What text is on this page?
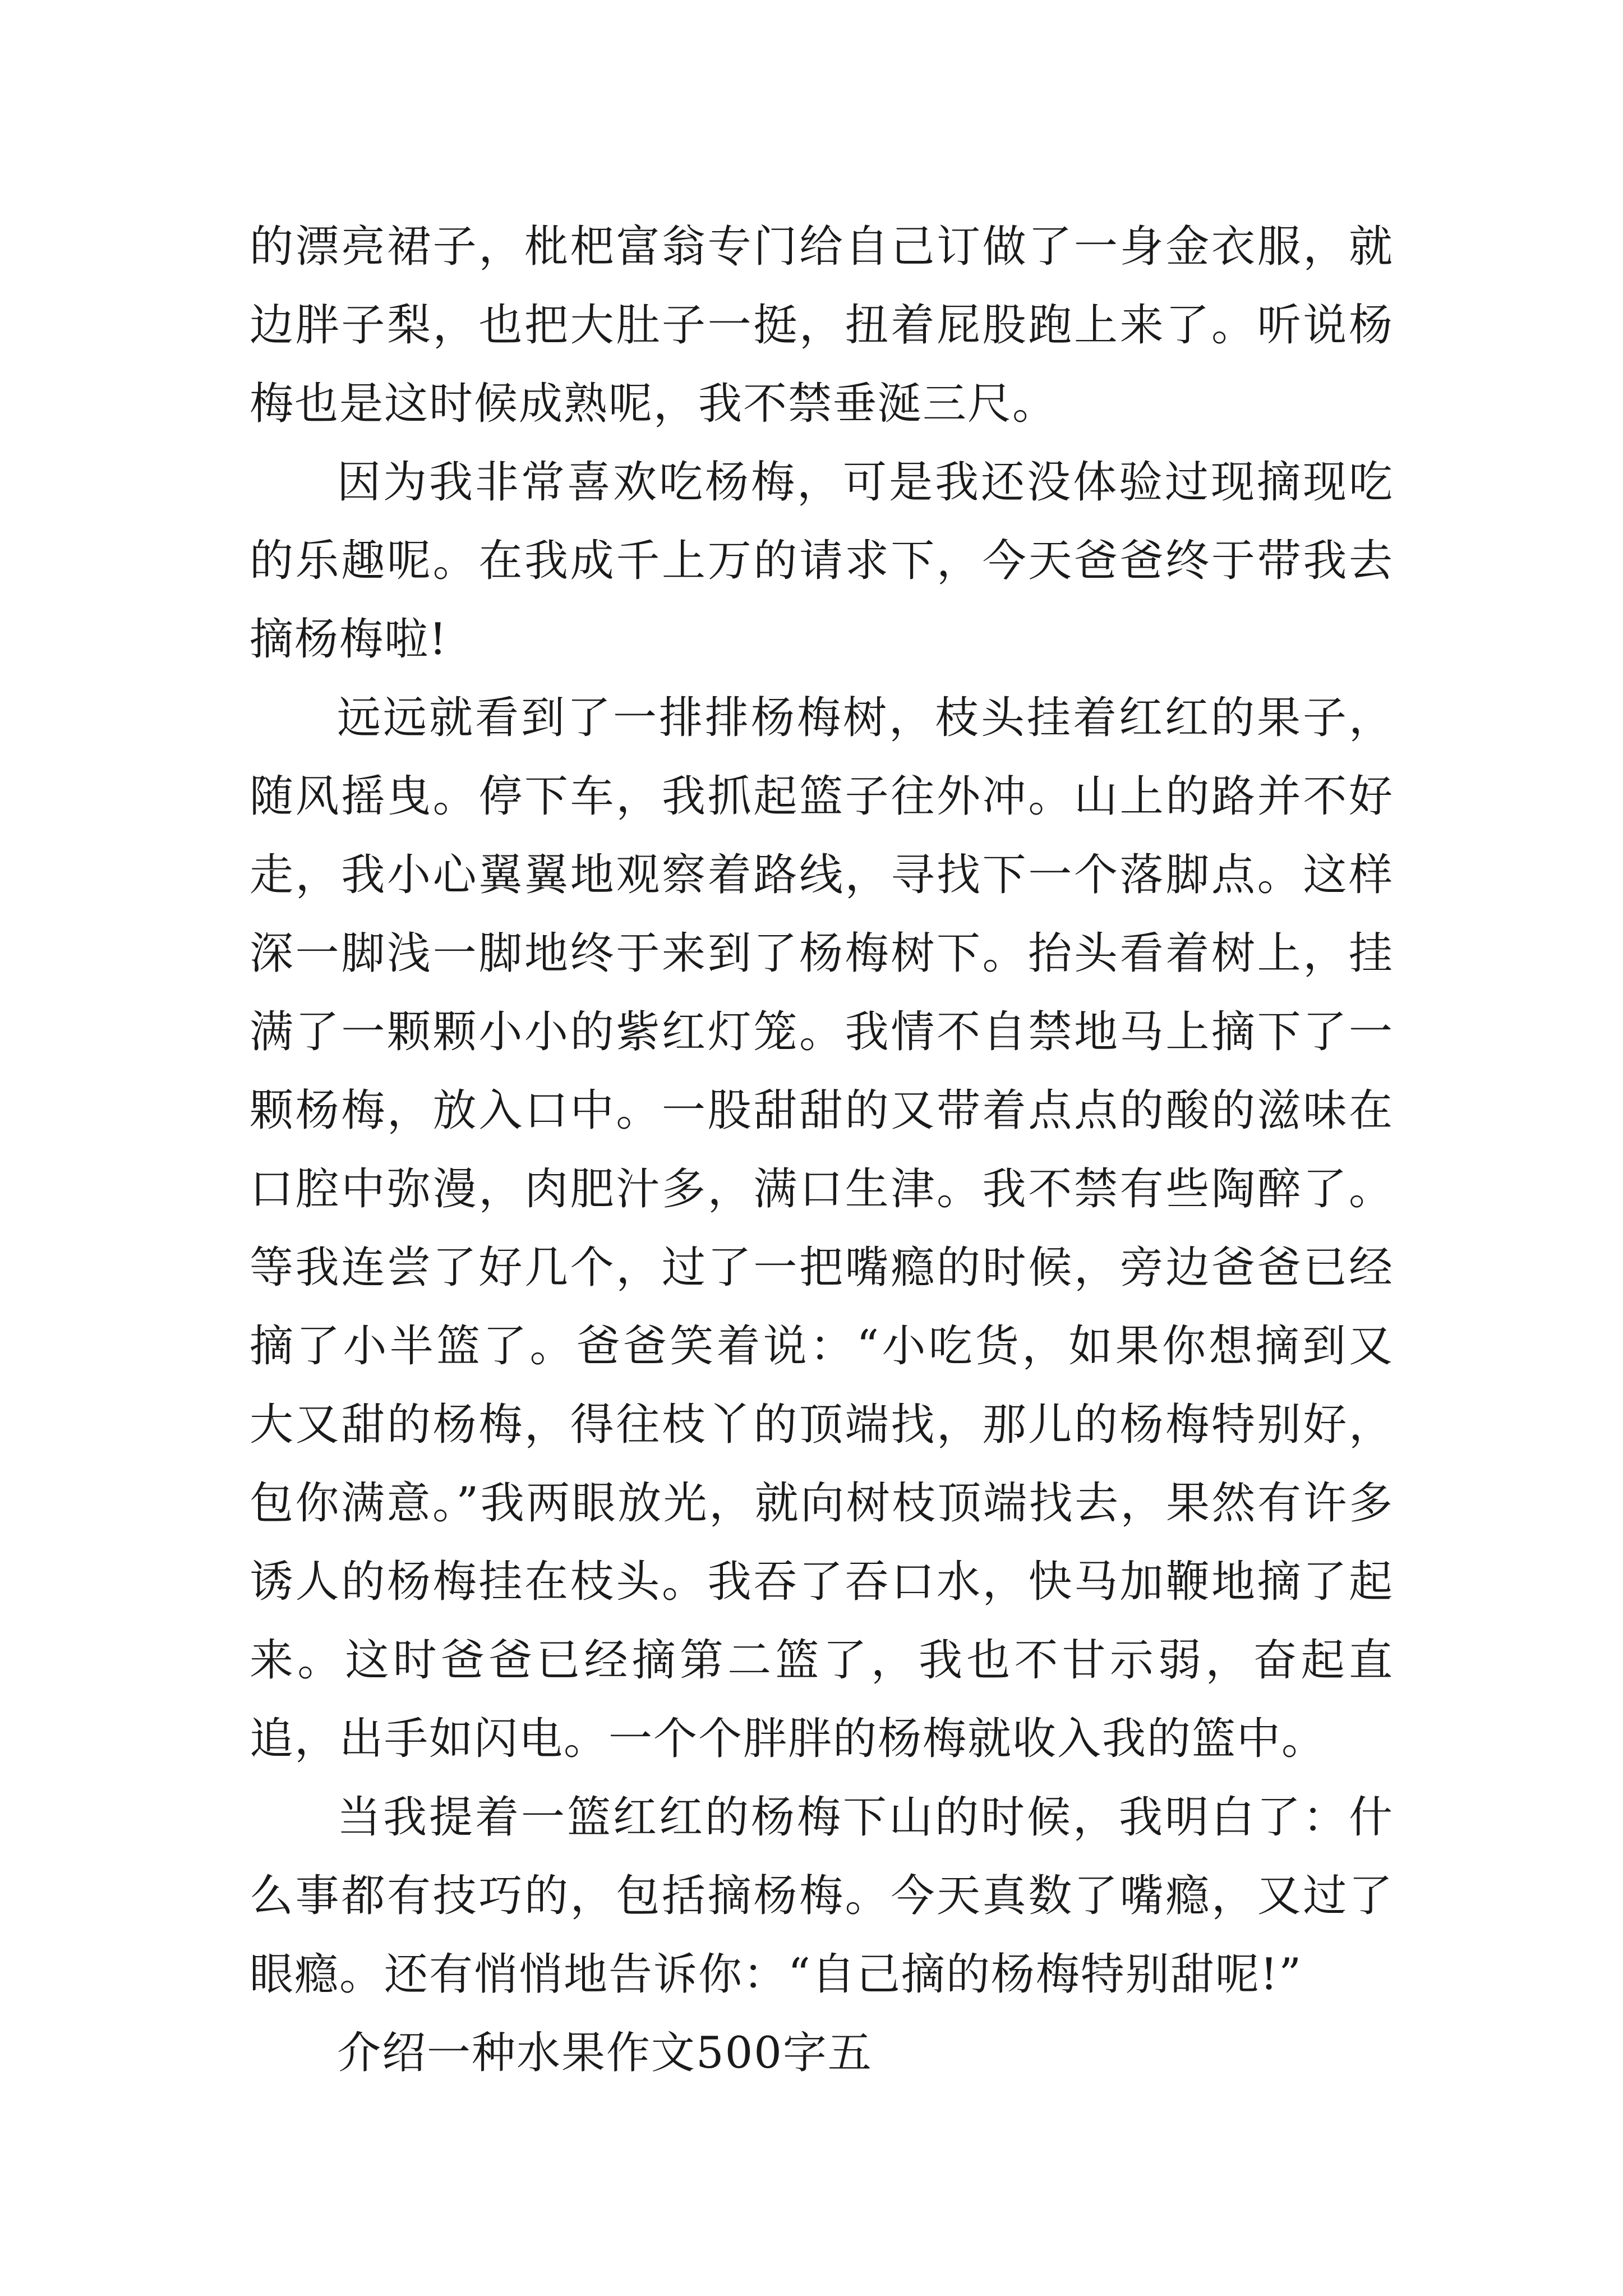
的漂亮裙子，枇杷富翁专门给自己订做了一身金衣服，就边胖子梨，也把大肚子一挺，扭着屁股跑上来了。听说杨梅也是这时候成熟呢，我不禁垂涎三尺。

因为我非常喜欢吃杨梅，可是我还没体验过现摘现吃的乐趣呢。在我成千上万的请求下，今天爸爸终于带我去摘杨梅啦!

远远就看到了一排排杨梅树，枝头挂着红红的果子，随风摇曳。停下车，我抓起篮子往外冲。山上的路并不好走，我小心翼翼地观察着路线，寻找下一个落脚点。这样深一脚浅一脚地终于来到了杨梅树下。抬头看着树上，挂满了一颗颗小小的紫红灯笼。我情不自禁地马上摘下了一颗杨梅，放入口中。一股甜甜的又带着点点的酸的滋味在口腔中弥漫，肉肥汁多，满口生津。我不禁有些陶醉了。等我连尝了好几个，过了一把嘴瘾的时候，旁边爸爸已经摘了小半篮了。爸爸笑着说：“小吃货，如果你想摘到又大又甜的杨梅，得往枝丫的顶端找，那儿的杨梅特别好，包你满意。”我两眼放光，就向树枝顶端找去，果然有许多诱人的杨梅挂在枝头。我吞了吞口水，快马加鞭地摘了起来。这时爸爸已经摘第二篮了，我也不甘示弱，奋起直追，出手如闪电。一个个胖胖的杨梅就收入我的篮中。

当我提着一篮红红的杨梅下山的时候，我明白了：什么事都有技巧的，包括摘杨梅。今天真数了嘴瘾，又过了眼瘾。还有悄悄地告诉你：“自己摘的杨梅特别甜呢!”

介绍一种水果作文500字五
